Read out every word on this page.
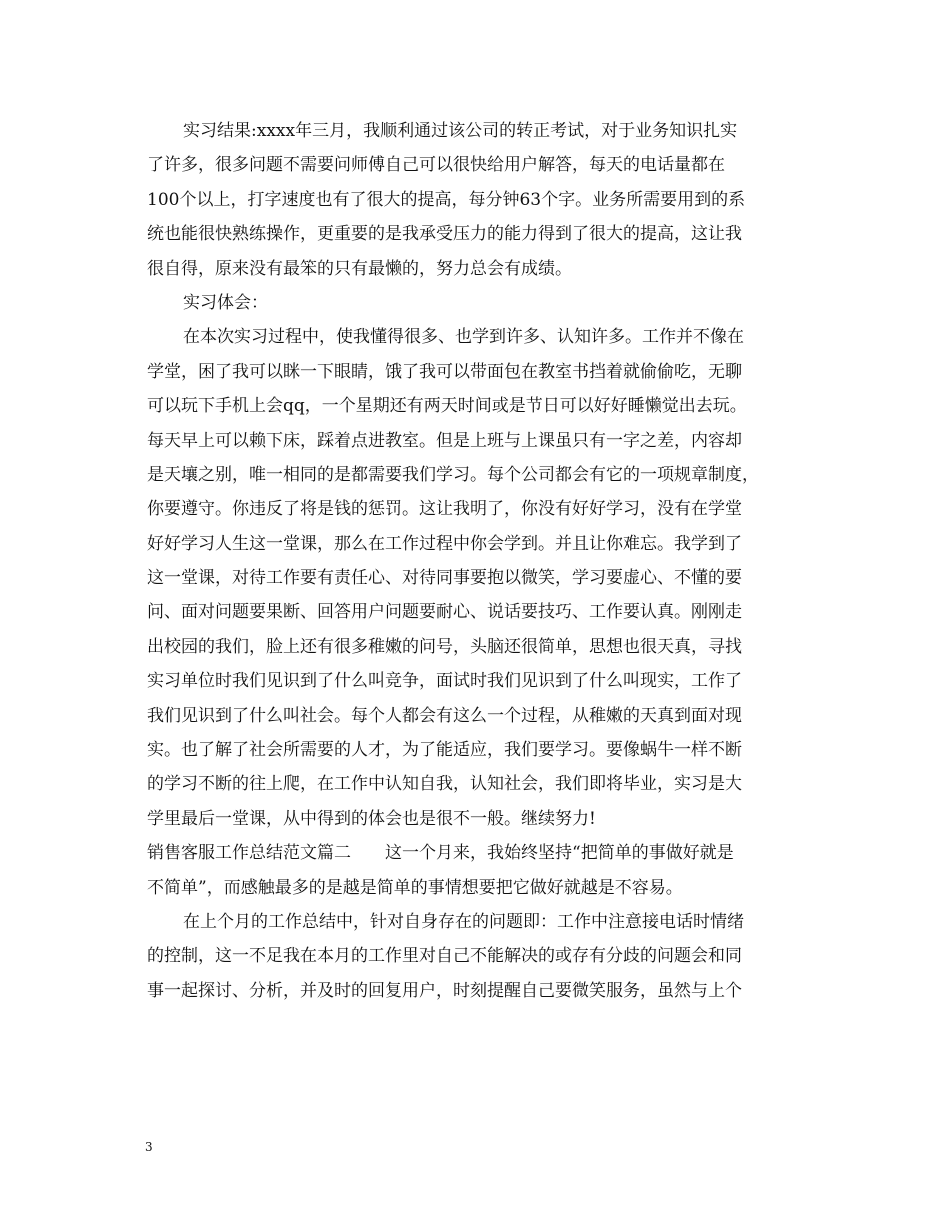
实习结果:xxxx年三月，我顺利通过该公司的转正考试，对于业务知识扎实
了许多，很多问题不需要问师傅自己可以很快给用户解答，每天的电话量都在
100个以上，打字速度也有了很大的提高，每分钟63个字。业务所需要用到的系
统也能很快熟练操作，更重要的是我承受压力的能力得到了很大的提高，这让我
很自得，原来没有最笨的只有最懒的，努力总会有成绩。
实习体会：
在本次实习过程中，使我懂得很多、也学到许多、认知许多。工作并不像在
学堂，困了我可以眯一下眼睛，饿了我可以带面包在教室书挡着就偷偷吃，无聊
可以玩下手机上会qq，一个星期还有两天时间或是节日可以好好睡懒觉出去玩。
每天早上可以赖下床，踩着点进教室。但是上班与上课虽只有一字之差，内容却
是天壤之别，唯一相同的是都需要我们学习。每个公司都会有它的一项规章制度，
你要遵守。你违反了将是钱的惩罚。这让我明了，你没有好好学习，没有在学堂
好好学习人生这一堂课，那么在工作过程中你会学到。并且让你难忘。我学到了
这一堂课，对待工作要有责任心、对待同事要抱以微笑，学习要虚心、不懂的要
问、面对问题要果断、回答用户问题要耐心、说话要技巧、工作要认真。刚刚走
出校园的我们，脸上还有很多稚嫩的问号，头脑还很简单，思想也很天真，寻找
实习单位时我们见识到了什么叫竞争，面试时我们见识到了什么叫现实，工作了
我们见识到了什么叫社会。每个人都会有这么一个过程，从稚嫩的天真到面对现
实。也了解了社会所需要的人才，为了能适应，我们要学习。要像蜗牛一样不断
的学习不断的往上爬，在工作中认知自我，认知社会，我们即将毕业，实习是大
学里最后一堂课，从中得到的体会也是很不一般。继续努力!
销售客服工作总结范文篇二　　这一个月来，我始终坚持“把简单的事做好就是
不简单”，而感触最多的是越是简单的事情想要把它做好就越是不容易。
在上个月的工作总结中，针对自身存在的问题即：工作中注意接电话时情绪
的控制，这一不足我在本月的工作里对自己不能解决的或存有分歧的问题会和同
事一起探讨、分析，并及时的回复用户，时刻提醒自己要微笑服务，虽然与上个
3
